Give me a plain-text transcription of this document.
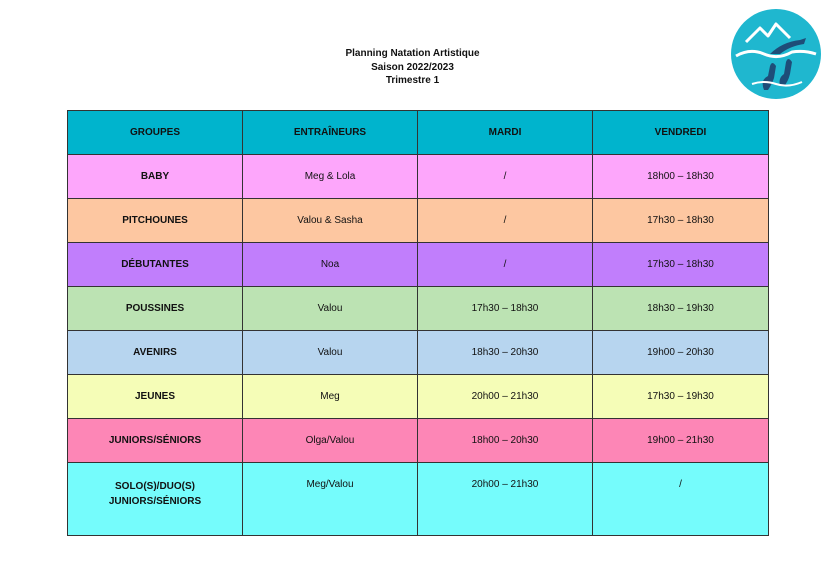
Planning Natation Artistique
Saison 2022/2023
Trimestre 1
GROUPES	ENTRAÎNEURS	MARDI	VENDREDI

BABY	Meg & Lola	/	18h00 – 18h30

PITCHOUNES	Valou & Sasha	/	17h30 – 18h30

DÉBUTANTES	Noa	/	17h30 – 18h30

POUSSINES	Valou	17h30 – 18h30	18h30 – 19h30

AVENIRS	Valou	18h30 – 20h30	19h00 – 20h30

JEUNES	Meg	20h00 – 21h30	17h30 – 19h30

JUNIORS/SÉNIORS	Olga/Valou	18h00 – 20h30	19h00 – 21h30

SOLO(S)/DUO(S)
JUNIORS/SÉNIORS	Meg/Valou	20h00 – 21h30	/
